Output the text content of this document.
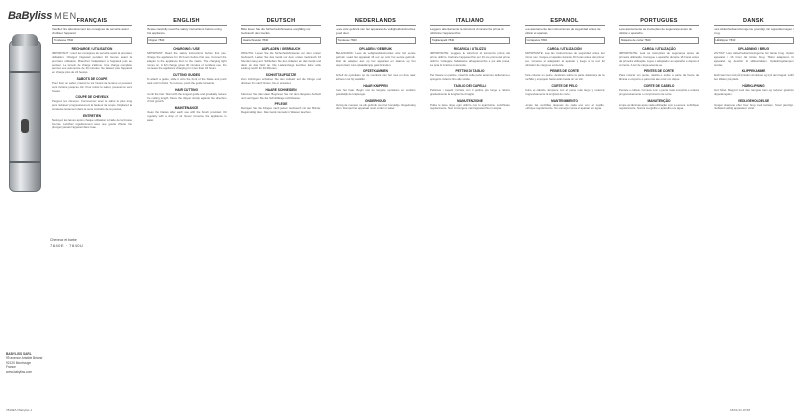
BaByliss MEN
Cheveux et barbe
7840E · 7840U
BABYLISS SARL
99 avenue Aristide Briand
92120 Montrouge
France
www.babyliss.com
FRANÇAIS
Veuillez lire attentivement les consignes de sécurité avant d'utiliser l'appareil.
Tondeuse 7840
RECHARGE / UTILISATION
IMPORTANT : Lisez les consignes de sécurité avant la première utilisation. Chargez l'appareil pendant 16 heures avant la première utilisation. Branchez l'adaptateur à l'appareil puis au secteur. Le témoin de charge s'allume. Une charge complète permet une autonomie de 40 minutes. Ne laissez pas l'appareil en charge plus de 24 heures.
SABOTS DE COUPE
Pour fixer un sabot, insérez-le sur l'avant de la lame et poussez vers l'arrière jusqu'au clic. Pour retirer le sabot, poussez-le vers l'avant.
COUPE DE CHEVEUX
Peignez les cheveux. Commencez avec le sabot le plus long puis réduisez progressivement la hauteur de coupe. Déplacez la tondeuse lentement dans le sens contraire de la pousse.
ENTRETIEN
Nettoyez les lames après chaque utilisation à l'aide de la brosse fournie. Lubrifiez régulièrement avec une goutte d'huile. Ne plongez jamais l'appareil dans l'eau.
ENGLISH
Please carefully read the safety instructions before using this appliance.
Clipper 7840
CHARGING / USE
IMPORTANT: Read the safety instructions before first use. Charge the appliance for 16 hours before first use. Connect the adaptor to the appliance then to the mains. The charging light comes on. A full charge gives 40 minutes of cordless use. Do not leave the appliance charging for more than 24 hours.
CUTTING GUIDES
To attach a guide, slide it onto the front of the blade and push back until it clicks. To remove, push the guide forwards.
HAIR CUTTING
Comb the hair. Start with the longest guide and gradually reduce the cutting length. Move the clipper slowly against the direction of hair growth.
MAINTENANCE
Clean the blades after each use with the brush provided. Oil regularly with a drop of oil. Never immerse the appliance in water.
DEUTSCH
Bitte lesen Sie die Sicherheitshinweise sorgfältig vor Gebrauch des Geräts.
Haarschneider 7840
AUFLADEN / GEBRAUCH
WICHTIG: Lesen Sie die Sicherheitshinweise vor dem ersten Gebrauch. Laden Sie das Gerät vor dem ersten Gebrauch 16 Stunden lang auf. Schließen Sie den Adapter an das Gerät und dann an das Netz an. Die Ladeanzeige leuchtet. Eine volle Ladung reicht für 40 Minuten.
SCHNITTAUFSÄTZE
Zum Anbringen schieben Sie den Aufsatz auf die Klinge und drücken ihn nach hinten, bis er einrastet.
HAARE SCHNEIDEN
Kämmen Sie das Haar. Beginnen Sie mit dem längsten Aufsatz und verringern Sie die Schnittlänge schrittweise.
PFLEGE
Reinigen Sie die Klingen nach jedem Gebrauch mit der Bürste. Regelmäßig ölen. Das Gerät niemals in Wasser tauchen.
NEDERLANDS
Lees vóór gebruik van het apparaat de veiligheidsinstructies goed door.
Tondeuse 7840
OPLADEN / GEBRUIK
BELANGRIJK: Lees de veiligheidsinstructies vóór het eerste gebruik. Laad het apparaat 16 uur op vóór het eerste gebruik. Sluit de adapter aan op het apparaat en daarna op het stopcontact. Het oplaadlampje gaat branden.
OPZETKAMMEN
Schuif de opzetkam op de voorkant van het mes en duw naar achteren tot hij vastklikt.
HAAR KNIPPEN
Kam het haar. Begin met de langste opzetkam en verklein geleidelijk de kniplengte.
ONDERHOUD
Reinig de messen na elk gebruik met het borsteltje. Regelmatig oliën. Dompel het apparaat nooit onder in water.
ITALIANO
Leggere attentamente le istruzioni di sicurezza prima di utilizzare l'apparecchio.
Tagliacapelli 7840
RICARICA / UTILIZZO
IMPORTANTE: Leggere le istruzioni di sicurezza prima del primo utilizzo. Caricare l'apparecchio per 16 ore prima del primo utilizzo. Collegare l'adattatore all'apparecchio e poi alla presa. La spia di ricarica si accende.
PETTINI DI TAGLIO
Per fissare un pettine, inserirlo sulla parte anteriore della lama e spingerlo indietro fino allo scatto.
TAGLIO DEI CAPELLI
Pettinare i capelli. Iniziare con il pettine più lungo e ridurre gradualmente la lunghezza di taglio.
MANUTENZIONE
Pulire le lame dopo ogni utilizzo con lo spazzolino. Lubrificare regolarmente. Non immergere mai l'apparecchio in acqua.
ESPAÑOL
Lea atentamente las instrucciones de seguridad antes de utilizar el aparato.
Cortapelos 7840
CARGA / UTILIZACIÓN
IMPORTANTE: Lea las instrucciones de seguridad antes del primer uso. Cargue el aparato durante 16 horas antes del primer uso. Conecte el adaptador al aparato y luego a la red. El indicador de carga se enciende.
PEINES DE CORTE
Para colocar un peine, deslícelo sobre la parte delantera de la cuchilla y empújelo hacia atrás hasta oír un clic.
CORTE DE PELO
Peine el cabello. Empiece con el peine más largo y reduzca progresivamente la longitud de corte.
MANTENIMIENTO
Limpie las cuchillas después de cada uso con el cepillo. Lubrique regularmente. No sumerja nunca el aparato en agua.
PORTUGUÊS
Leia atentamente as instruções de segurança antes de utilizar o aparelho.
Máquina de cortar 7840
CARGA / UTILIZAÇÃO
IMPORTANTE: Leia as instruções de segurança antes da primeira utilização. Carregue o aparelho durante 16 horas antes da primeira utilização. Ligue o adaptador ao aparelho e depois à corrente. A luz de carga acende-se.
PENTES DE CORTE
Para colocar um pente, deslize-o sobre a parte da frente da lâmina e empurre-o para trás até ouvir um clique.
CORTE DE CABELO
Penteie o cabelo. Comece com o pente mais comprido e reduza progressivamente o comprimento de corte.
MANUTENÇÃO
Limpe as lâminas após cada utilização com a escova. Lubrifique regularmente. Nunca mergulhe o aparelho em água.
DANSK
Læs sikkerhedsanvisningerne grundigt, før apparatet tages i brug.
Hårklipper 7840
OPLADNING / BRUG
VIGTIGT: Læs sikkerhedsanvisningerne før første brug. Oplad apparatet i 16 timer før første brug. Tilslut adapteren til apparatet og derefter til stikkontakten. Opladningslampen tænder.
KLIPPEKAMME
Skub kammen ind på forsiden af skæret og tryk den bagud, indtil den klikker på plads.
HÅRKLIPNING
Red håret. Begynd med den længste kam og reducer gradvist klippelængden.
VEDLIGEHOLDELSE
Rengør skærene efter hver brug med børsten. Smør jævnligt. Nedsænk aldrig apparatet i vand.
7840E/U Babyliss 1	18/01/13 16:58
